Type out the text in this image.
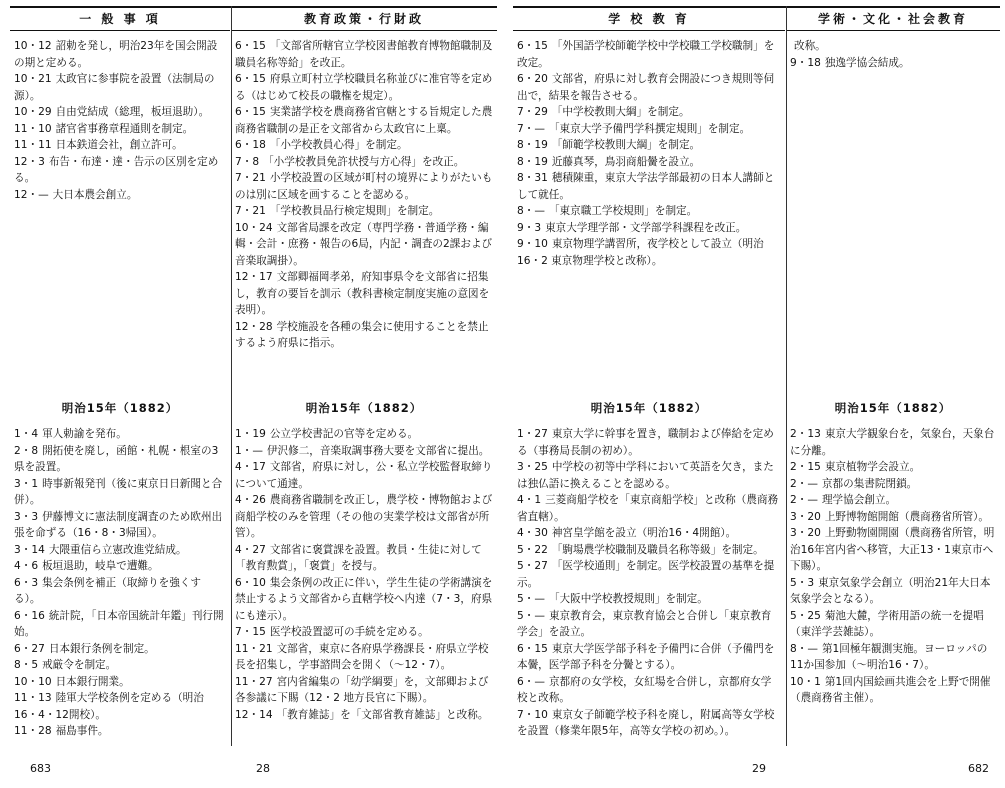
一 般 事 項
10・12 詔勅を発し，明治23年を国会開設の期と定める。
10・21 太政官に参事院を設置（法制局の源）。
10・29 自由党結成（総理，板垣退助）。
11・10 諸官省事務章程通則を制定。
11・11 日本鉄道会社，創立許可。
12・3 布告・布達・達・告示の区別を定める。
12・— 大日本農会創立。
明治15年（1882）
1・4 軍人勅諭を発布。
2・8 開拓使を廃し，函館・札幌・根室の3県を設置。
3・1 時事新報発刊（後に東京日日新聞と合併）。
3・3 伊藤博文に憲法制度調査のため欧州出張を命ずる（16・8・3帰国）。
3・14 大隈重信ら立憲改進党結成。
4・6 板垣退助，岐阜で遭難。
6・3 集会条例を補正（取締りを強くする）。
6・16 統計院，「日本帝国統計年鑑」刊行開始。
6・27 日本銀行条例を制定。
8・5 戒厳令を制定。
10・10 日本銀行開業。
11・13 陸軍大学校条例を定める（明治16・4・12開校）。
11・28 福島事件。
教育政策・行財政
6・15 「文部省所轄官立学校図書館教育博物館職制及職員名称等給」を改正。
6・15 府県立町村立学校職員名称並びに准官等を定める（はじめて校長の職権を規定）。
6・15 実業諸学校を農商務省官轄とする旨規定した農商務省職制の是正を文部省から太政官に上稟。
6・18 「小学校教員心得」を制定。
7・8 「小学校教員免許状授与方心得」を改正。
7・21 小学校設置の区域が町村の境界によりがたいものは別に区域を画することを認める。
7・21 「学校教員品行検定規則」を制定。
10・24 文部省局課を改定（専門学務・普通学務・編輯・会計・庶務・報告の6局，内記・調査の2課および音楽取調掛）。
12・17 文部卿福岡孝弟，府知事県令を文部省に招集し，教育の要旨を訓示（教科書検定制度実施の意図を表明）。
12・28 学校施設を各種の集会に使用することを禁止するよう府県に指示。
明治15年（1882）
1・19 公立学校書記の官等を定める。
1・— 伊沢修二，音楽取調事務大要を文部省に提出。
4・17 文部省，府県に対し，公・私立学校監督取締りについて通達。
4・26 農商務省職制を改正し，農学校・博物館および商船学校のみを管理（その他の実業学校は文部省が所管）。
4・27 文部省に褒賞課を設置。教員・生徒に対して「教育勲賞」，「褒賞」を授与。
6・10 集会条例の改正に伴い，学生生徒の学術講演を禁止するよう文部省から直轄学校へ内達（7・3，府県にも達示）。
7・15 医学校設置認可の手続を定める。
11・21 文部省，東京に各府県学務課長・府県立学校長を招集し，学事諮問会を開く（〜12・7）。
11・27 宮内省編集の「幼学綱要」を，文部卿および各参議に下賜（12・2 地方長官に下賜）。
12・14 「教育雑誌」を「文部省教育雑誌」と改称。
学 校 教 育
6・15 「外国語学校師範学校中学校職工学校職制」を改定。
6・20 文部省，府県に対し教育会開設につき規則等伺出で，結果を報告させる。
7・29 「中学校教則大綱」を制定。
7・— 「東京大学予備門学科撰定規則」を制定。
8・19 「師範学校教則大綱」を制定。
8・19 近藤真琴，鳥羽商船黌を設立。
8・31 穂積陳重，東京大学法学部最初の日本人講師として就任。
8・— 「東京職工学校規則」を制定。
9・3 東京大学理学部・文学部学科課程を改正。
9・10 東京物理学講習所，夜学校として設立（明治16・2 東京物理学校と改称）。
明治15年（1882）
1・27 東京大学に幹事を置き，職制および俸給を定める（事務局長制の初め）。
3・25 中学校の初等中学科において英語を欠き，または独仏語に換えることを認める。
4・1 三菱商船学校を「東京商船学校」と改称（農商務省直轄）。
4・30 神宮皇学館を設立（明治16・4開館）。
5・22 「駒場農学校職制及職員名称等級」を制定。
5・27 「医学校通則」を制定。医学校設置の基準を提示。
5・— 「大阪中学校教授規則」を制定。
5・— 東京教育会，東京教育協会と合併し「東京教育学会」を設立。
6・15 東京大学医学部予科を予備門に合併（予備門を本黌，医学部予科を分黌とする）。
6・— 京都府の女学校，女紅場を合併し，京都府女学校と改称。
7・10 東京女子師範学校予科を廃し，附属高等女学校を設置（修業年限5年，高等女学校の初め。）。
学術・文化・社会教育
改称。
9・18 独逸学協会結成。
明治15年（1882）
2・13 東京大学観象台を，気象台，天象台に分離。
2・15 東京植物学会設立。
2・— 京都の集書院閉鎖。
2・— 理学協会創立。
3・20 上野博物館開館（農商務省所管）。
3・20 上野動物園開園（農商務省所管，明治16年宮内省へ移管，大正13・1東京市へ下賜）。
5・3 東京気象学会創立（明治21年大日本気象学会となる）。
5・25 菊池大麓，学術用語の統一を提唱（東洋学芸雑誌）。
8・— 第1回極年観測実施。ヨーロッパの11か国参加（〜明治16・7）。
10・1 第1回内国絵画共進会を上野で開催（農商務省主催）。
683	28	29	682
